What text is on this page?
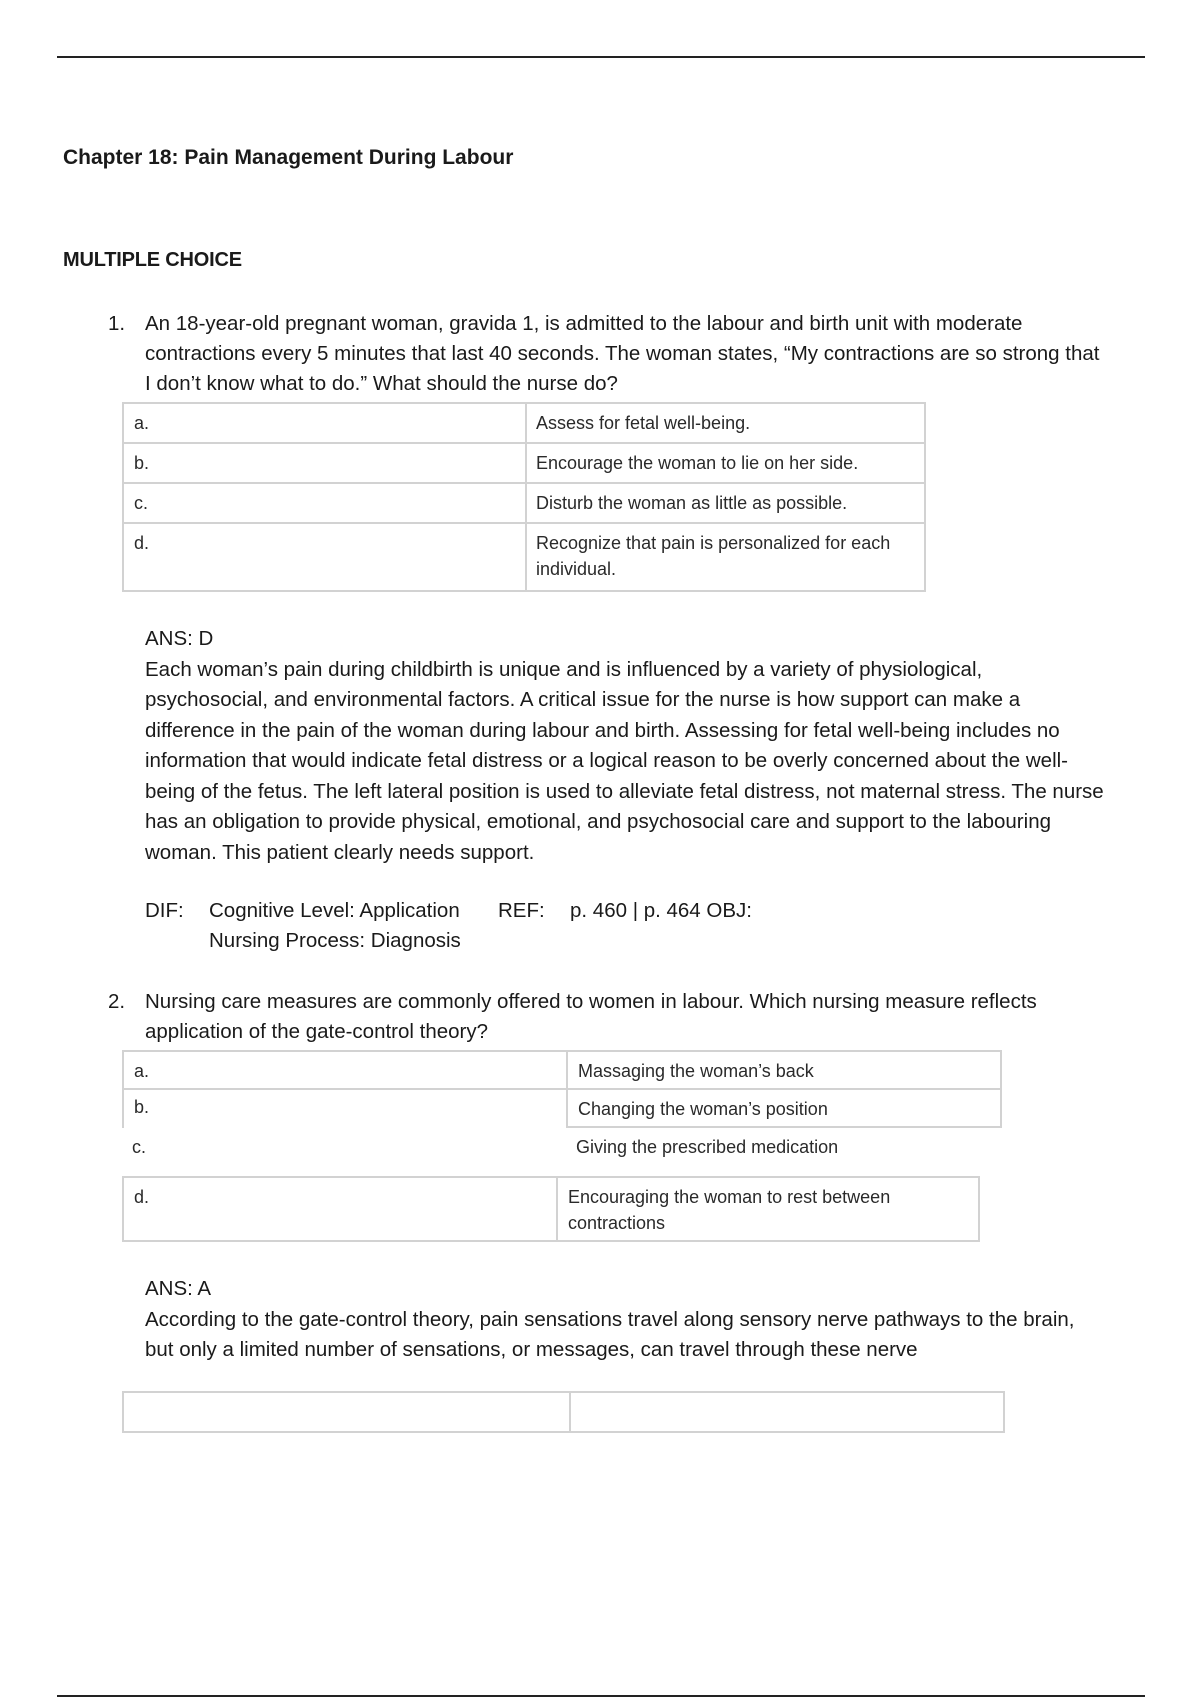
Chapter 18: Pain Management During Labour
MULTIPLE CHOICE
1. An 18-year-old pregnant woman, gravida 1, is admitted to the labour and birth unit with moderate contractions every 5 minutes that last 40 seconds. The woman states, “My contractions are so strong that I don’t know what to do.” What should the nurse do?
a.	Assess for fetal well-being.
b.	Encourage the woman to lie on her side.
c.	Disturb the woman as little as possible.
d.	Recognize that pain is personalized for each individual.
ANS: D
Each woman’s pain during childbirth is unique and is influenced by a variety of physiological, psychosocial, and environmental factors. A critical issue for the nurse is how support can make a difference in the pain of the woman during labour and birth. Assessing for fetal well-being includes no information that would indicate fetal distress or a logical reason to be overly concerned about the well-being of the fetus. The left lateral position is used to alleviate fetal distress, not maternal stress. The nurse has an obligation to provide physical, emotional, and psychosocial care and support to the labouring woman. This patient clearly needs support.
DIF: Cognitive Level: Application REF: p. 460 | p. 464 OBJ:
Nursing Process: Diagnosis
2. Nursing care measures are commonly offered to women in labour. Which nursing measure reflects application of the gate-control theory?
a.	Massaging the woman’s back
b.	Changing the woman’s position
c.	Giving the prescribed medication
d.	Encouraging the woman to rest between contractions
ANS: A
According to the gate-control theory, pain sensations travel along sensory nerve pathways to the brain, but only a limited number of sensations, or messages, can travel through these nerve
